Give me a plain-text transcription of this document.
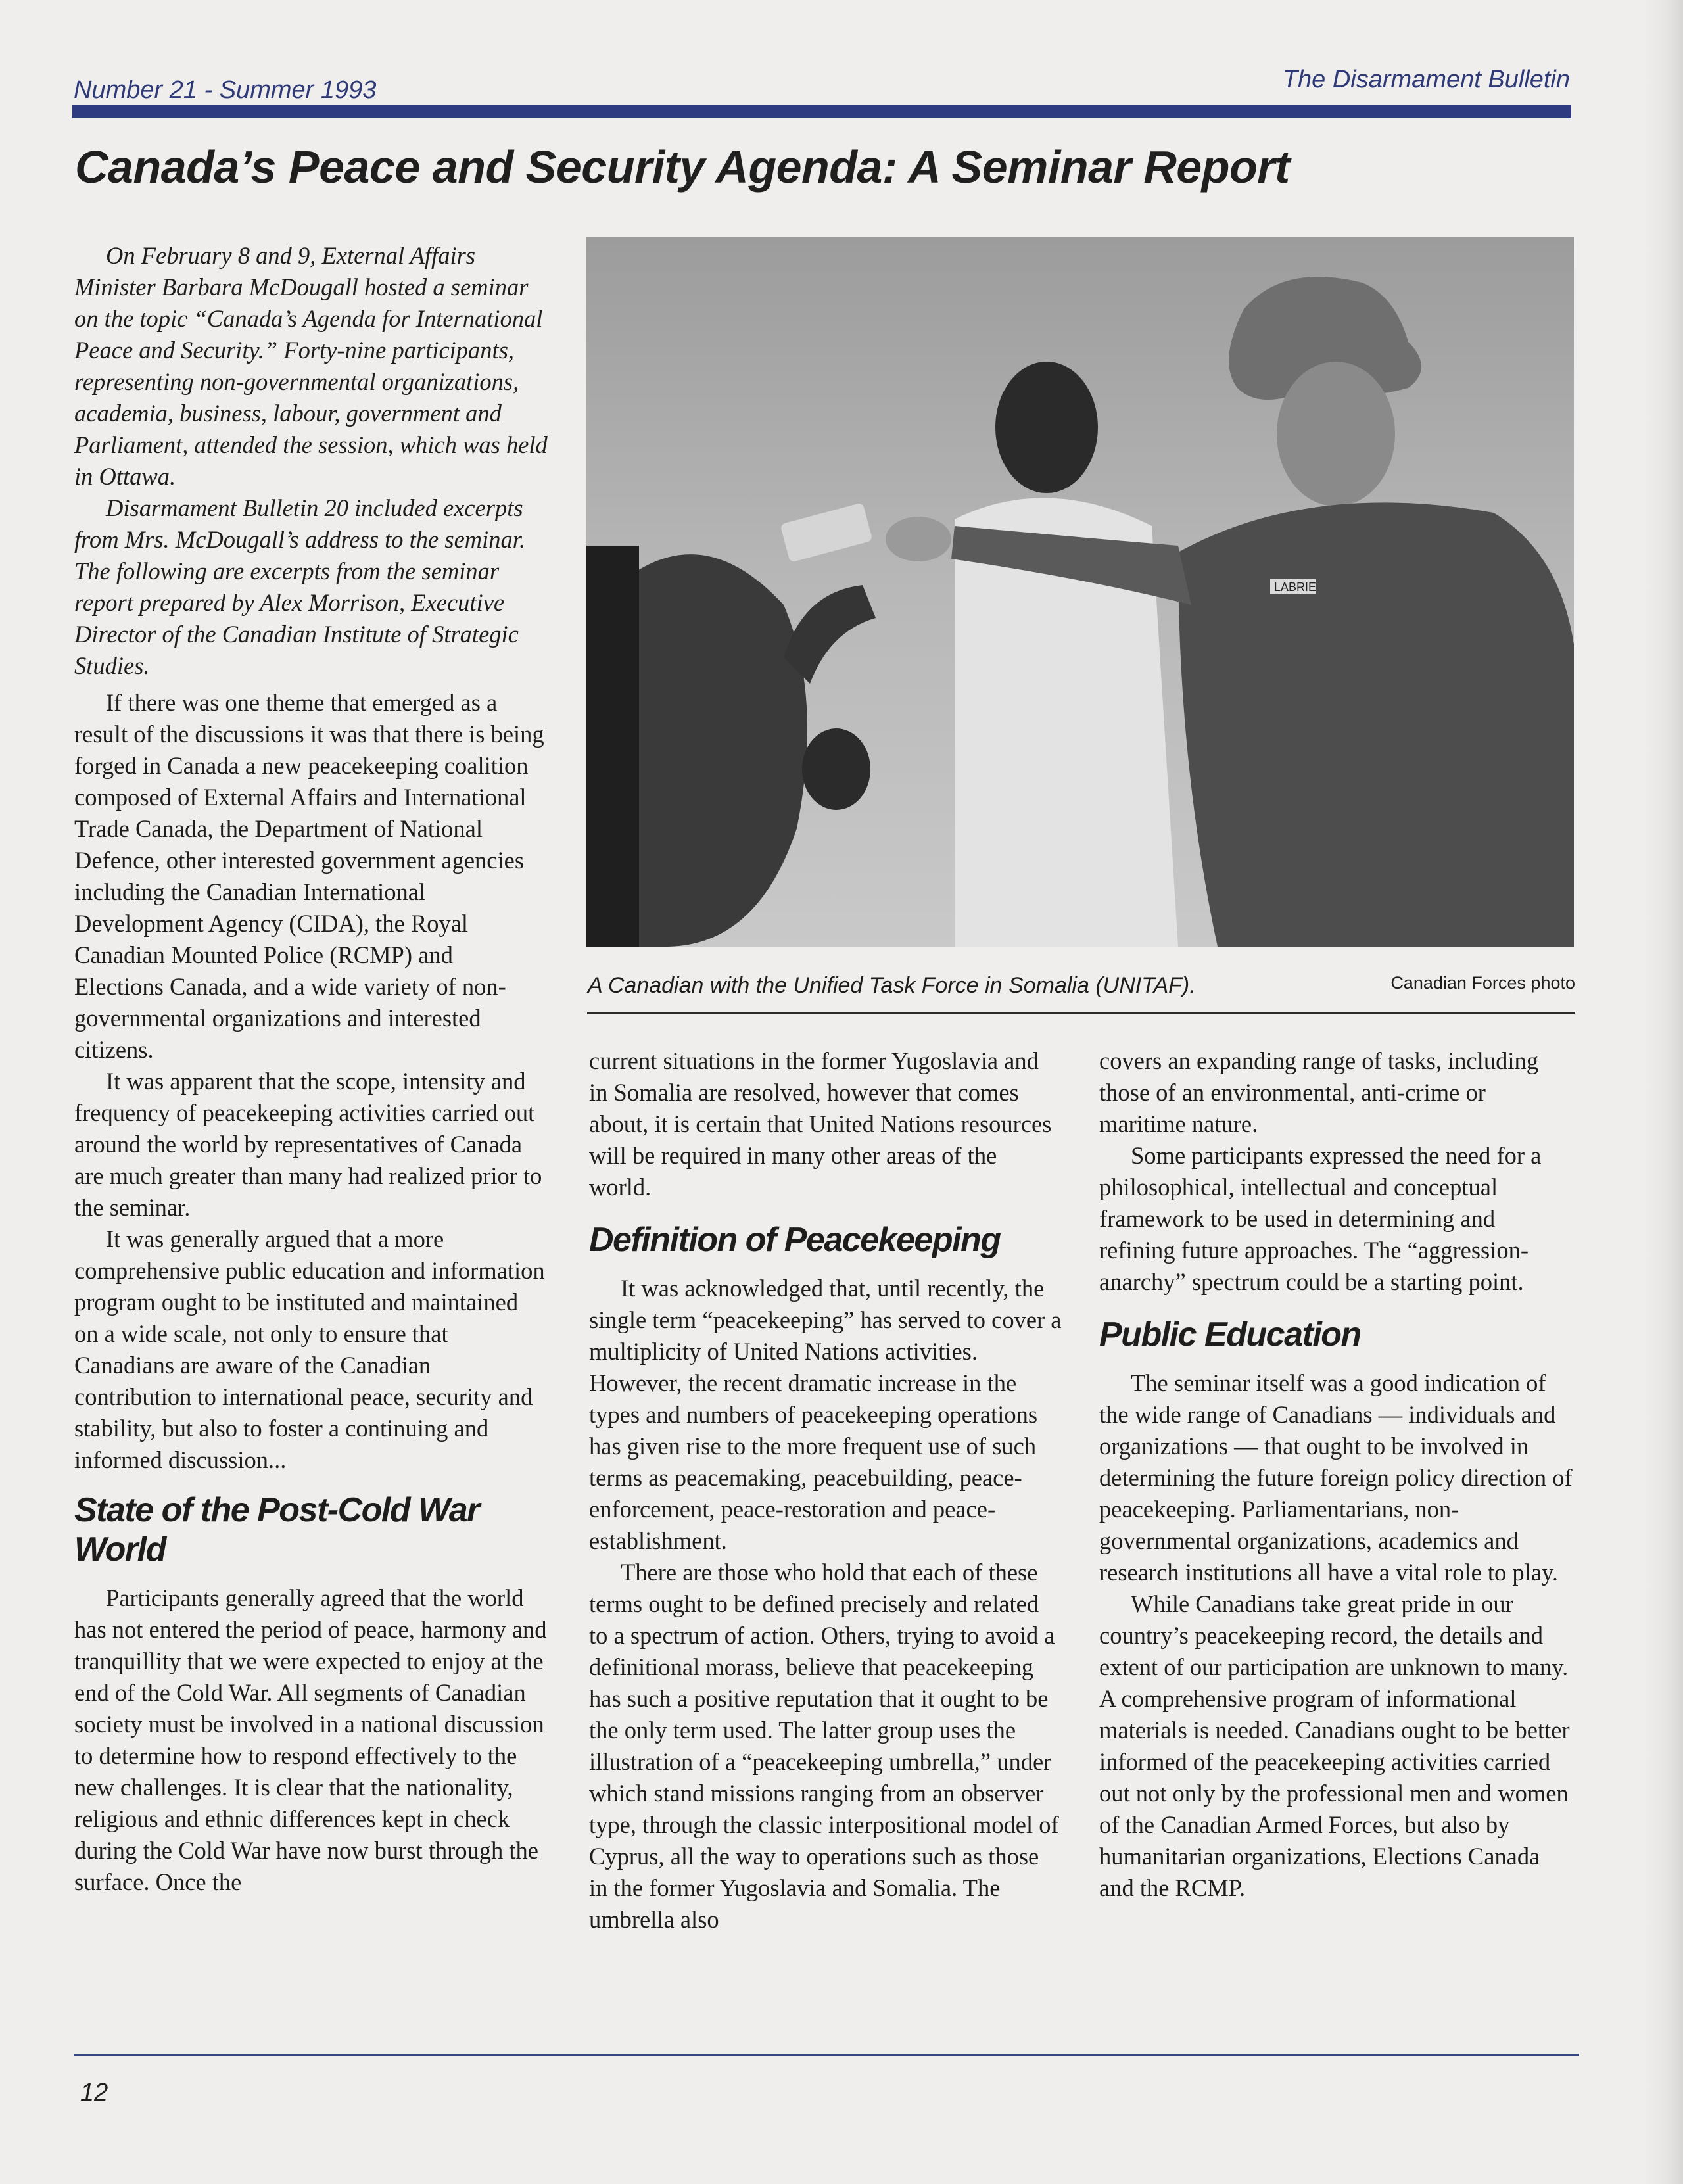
Number 21 - Summer 1993	The Disarmament Bulletin
Canada’s Peace and Security Agenda: A Seminar Report

On February 8 and 9, External Affairs Minister Barbara McDougall hosted a seminar on the topic “Canada’s Agenda for International Peace and Security.” Forty-nine participants, representing non-governmental organizations, academia, business, labour, government and Parliament, attended the session, which was held in Ottawa.

Disarmament Bulletin 20 included excerpts from Mrs. McDougall’s address to the seminar. The following are excerpts from the seminar report prepared by Alex Morrison, Executive Director of the Canadian Institute of Strategic Studies.

If there was one theme that emerged as a result of the discussions it was that there is being forged in Canada a new peacekeeping coalition composed of External Affairs and International Trade Canada, the Department of National Defence, other interested government agencies including the Canadian International Development Agency (CIDA), the Royal Canadian Mounted Police (RCMP) and Elections Canada, and a wide variety of non-governmental organizations and interested citizens.

It was apparent that the scope, intensity and frequency of peacekeeping activities carried out around the world by representatives of Canada are much greater than many had realized prior to the seminar.

It was generally argued that a more comprehensive public education and information program ought to be instituted and maintained on a wide scale, not only to ensure that Canadians are aware of the Canadian contribution to international peace, security and stability, but also to foster a continuing and informed discussion...

State of the Post-Cold War World

Participants generally agreed that the world has not entered the period of peace, harmony and tranquillity that we were expected to enjoy at the end of the Cold War. All segments of Canadian society must be involved in a national discussion to determine how to respond effectively to the new challenges. It is clear that the nationality, religious and ethnic differences kept in check during the Cold War have now burst through the surface. Once the

LABRIE
A Canadian with the Unified Task Force in Somalia (UNITAF).	Canadian Forces photo

current situations in the former Yugoslavia and in Somalia are resolved, however that comes about, it is certain that United Nations resources will be required in many other areas of the world.

Definition of Peacekeeping

It was acknowledged that, until recently, the single term “peacekeeping” has served to cover a multiplicity of United Nations activities. However, the recent dramatic increase in the types and numbers of peacekeeping operations has given rise to the more frequent use of such terms as peacemaking, peacebuilding, peace-enforcement, peace-restoration and peace-establishment.

There are those who hold that each of these terms ought to be defined precisely and related to a spectrum of action. Others, trying to avoid a definitional morass, believe that peacekeeping has such a positive reputation that it ought to be the only term used. The latter group uses the illustration of a “peacekeeping umbrella,” under which stand missions ranging from an observer type, through the classic interpositional model of Cyprus, all the way to operations such as those in the former Yugoslavia and Somalia. The umbrella also

covers an expanding range of tasks, including those of an environmental, anti-crime or maritime nature.

Some participants expressed the need for a philosophical, intellectual and conceptual framework to be used in determining and refining future approaches. The “aggression-anarchy” spectrum could be a starting point.

Public Education

The seminar itself was a good indication of the wide range of Canadians — individuals and organizations — that ought to be involved in determining the future foreign policy direction of peacekeeping. Parliamentarians, non-governmental organizations, academics and research institutions all have a vital role to play.

While Canadians take great pride in our country’s peacekeeping record, the details and extent of our participation are unknown to many. A comprehensive program of informational materials is needed. Canadians ought to be better informed of the peacekeeping activities carried out not only by the professional men and women of the Canadian Armed Forces, but also by humanitarian organizations, Elections Canada and the RCMP.

12
